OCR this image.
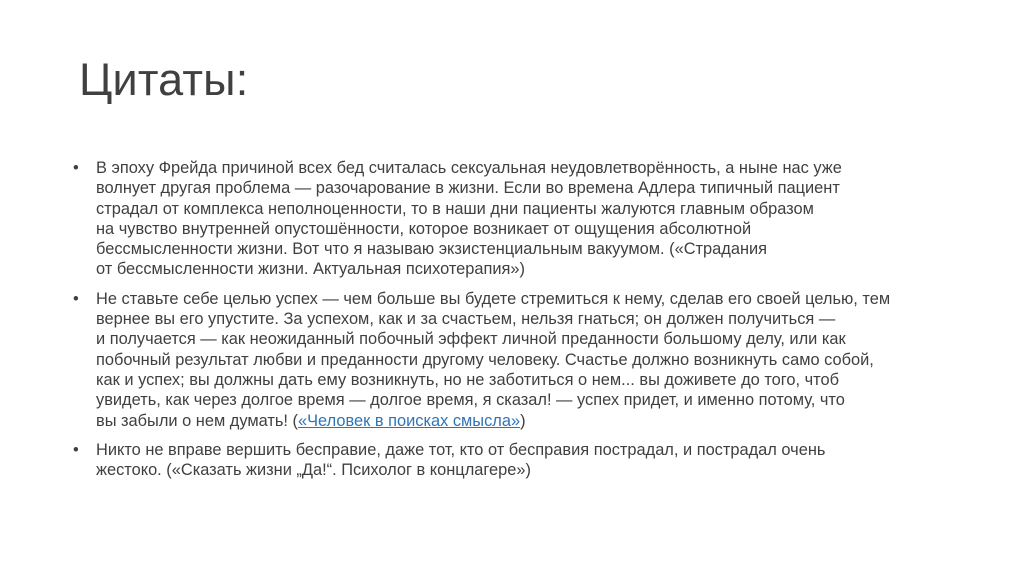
Цитаты:
• В эпоху Фрейда причиной всех бед считалась сексуальная неудовлетворённость, а ныне нас уже
волнует другая проблема — разочарование в жизни. Если во времена Адлера типичный пациент
страдал от комплекса неполноценности, то в наши дни пациенты жалуются главным образом
на чувство внутренней опустошённости, которое возникает от ощущения абсолютной
бессмысленности жизни. Вот что я называю экзистенциальным вакуумом. («Страдания
от бессмысленности жизни. Актуальная психотерапия»)
• Не ставьте себе целью успех — чем больше вы будете стремиться к нему, сделав его своей целью, тем
вернее вы его упустите. За успехом, как и за счастьем, нельзя гнаться; он должен получиться —
и получается — как неожиданный побочный эффект личной преданности большому делу, или как
побочный результат любви и преданности другому человеку. Счастье должно возникнуть само собой,
как и успех; вы должны дать ему возникнуть, но не заботиться о нем... вы доживете до того, чтоб
увидеть, как через долгое время — долгое время, я сказал! — успех придет, и именно потому, что
вы забыли о нем думать! («Человек в поисках смысла»)
• Никто не вправе вершить бесправие, даже тот, кто от бесправия пострадал, и пострадал очень
жестоко. («Сказать жизни „Да!“. Психолог в концлагере»)
